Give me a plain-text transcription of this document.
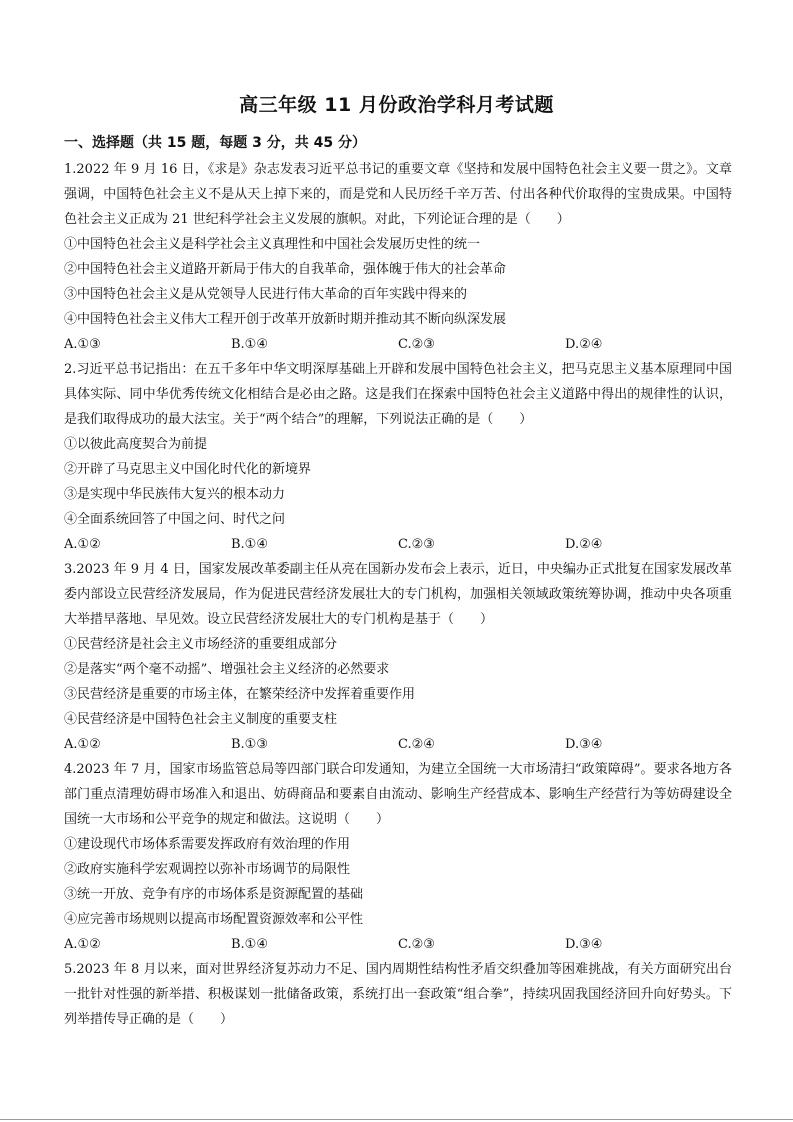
高三年级 11 月份政治学科月考试题
一、选择题（共 15 题，每题 3 分，共 45 分）

1.2022 年 9 月 16 日，《求是》杂志发表习近平总书记的重要文章《坚持和发展中国特色社会主义要一贯之》。文章强调，中国特色社会主义不是从天上掉下来的，而是党和人民历经千辛万苦、付出各种代价取得的宝贵成果。中国特色社会主义正成为 21 世纪科学社会主义发展的旗帜。对此，下列论证合理的是（　　）

①中国特色社会主义是科学社会主义真理性和中国社会发展历史性的统一

②中国特色社会主义道路开新局于伟大的自我革命，强体魄于伟大的社会革命

③中国特色社会主义是从党领导人民进行伟大革命的百年实践中得来的

④中国特色社会主义伟大工程开创于改革开放新时期并推动其不断向纵深发展

A.①③	B.①④	C.②③	D.②④

2.习近平总书记指出：在五千多年中华文明深厚基础上开辟和发展中国特色社会主义，把马克思主义基本原理同中国具体实际、同中华优秀传统文化相结合是必由之路。这是我们在探索中国特色社会主义道路中得出的规律性的认识，是我们取得成功的最大法宝。关于“两个结合”的理解，下列说法正确的是（　　）

①以彼此高度契合为前提

②开辟了马克思主义中国化时代化的新境界

③是实现中华民族伟大复兴的根本动力

④全面系统回答了中国之问、时代之问

A.①②	B.①④	C.②③	D.②④

3.2023 年 9 月 4 日，国家发展改革委副主任从亮在国新办发布会上表示，近日，中央编办正式批复在国家发展改革委内部设立民营经济发展局，作为促进民营经济发展壮大的专门机构，加强相关领域政策统筹协调，推动中央各项重大举措早落地、早见效。设立民营经济发展壮大的专门机构是基于（　　）

①民营经济是社会主义市场经济的重要组成部分

②是落实“两个毫不动摇”、增强社会主义经济的必然要求

③民营经济是重要的市场主体，在繁荣经济中发挥着重要作用

④民营经济是中国特色社会主义制度的重要支柱

A.①②	B.①③	C.②④	D.③④

4.2023 年 7 月，国家市场监管总局等四部门联合印发通知，为建立全国统一大市场清扫“政策障碍”。要求各地方各部门重点清理妨碍市场准入和退出、妨碍商品和要素自由流动、影响生产经营成本、影响生产经营行为等妨碍建设全国统一大市场和公平竞争的规定和做法。这说明（　　）

①建设现代市场体系需要发挥政府有效治理的作用

②政府实施科学宏观调控以弥补市场调节的局限性

③统一开放、竞争有序的市场体系是资源配置的基础

④应完善市场规则以提高市场配置资源效率和公平性

A.①②	B.①④	C.②③	D.③④

5.2023 年 8 月以来，面对世界经济复苏动力不足、国内周期性结构性矛盾交织叠加等困难挑战，有关方面研究出台一批针对性强的新举措、积极谋划一批储备政策，系统打出一套政策“组合拳”，持续巩固我国经济回升向好势头。下列举措传导正确的是（　　）
